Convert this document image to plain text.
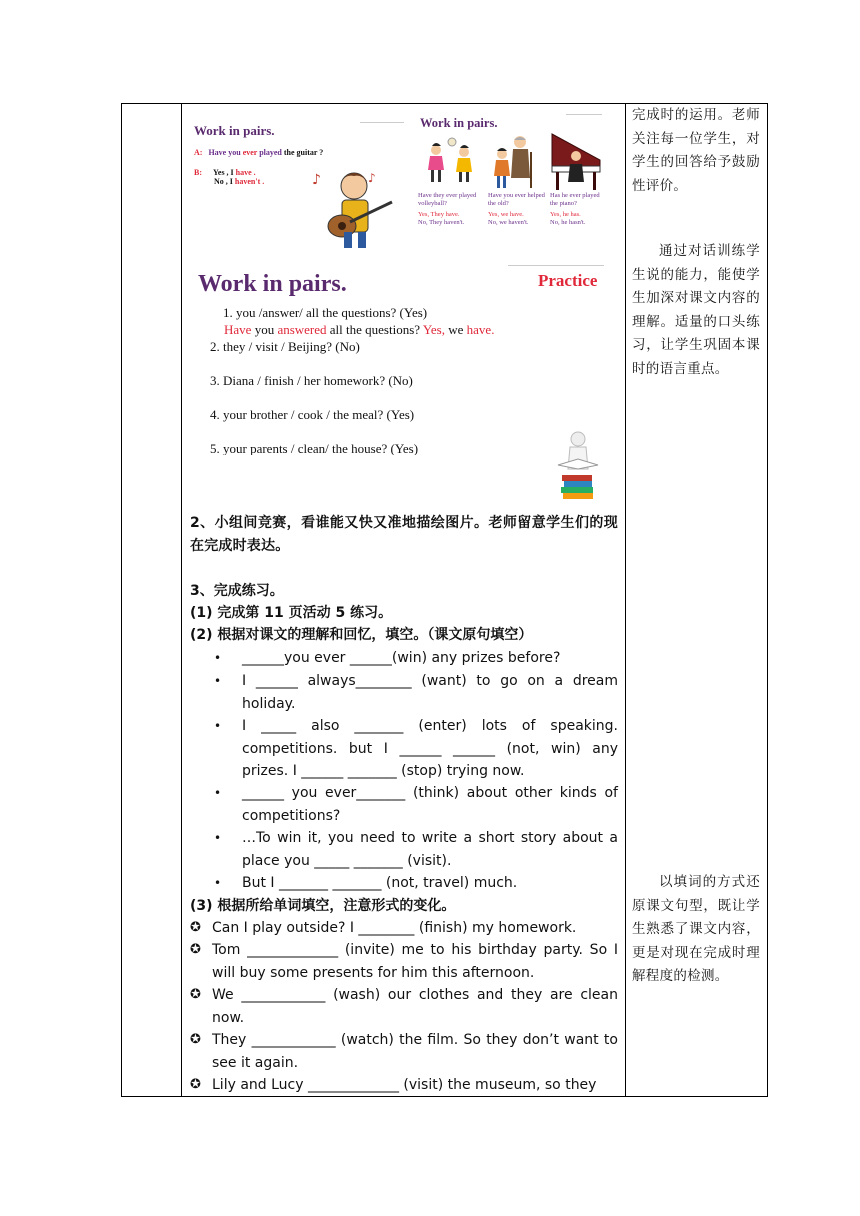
Work in pairs.
A: Have you ever played the guitar ?
B: Yes , I have .
No , I haven't .	♪	♪
Work in pairs.
Have they ever played volleyball?
Yes, They have.
No, They haven't.
Have you ever helped the old?
Yes, we have.
No, we haven't.
Has he ever played the piano?
Yes, he has.
No, he hasn't.
Work in pairs.	Practice
1. you /answer/ all the questions? (Yes)
Have you answered all the questions? Yes, we have.
2. they / visit / Beijing? (No)
3. Diana / finish / her homework? (No)
4. your brother / cook / the meal? (Yes)
5. your parents / clean/ the house? (Yes)
2、小组间竞赛，看谁能又快又准地描绘图片。老师留意学生们的现在完成时表达。
3、完成练习。
(1) 完成第 11 页活动 5 练习。
(2) 根据对课文的理解和回忆，填空。（课文原句填空）
• ______you ever ______(win) any prizes before?
• I ______ always________ (want) to go on a dream holiday.
• I _____ also _______ (enter) lots of speaking. competitions. but I ______ ______ (not, win) any prizes. I ______ _______ (stop) trying now.
• ______ you ever_______ (think) about other kinds of competitions?
• …To win it, you need to write a short story about a place you _____ _______ (visit).
• But I _______ _______ (not, travel) much.
(3) 根据所给单词填空，注意形式的变化。
✪ Can I play outside? I ________ (finish) my homework.
✪ Tom _____________ (invite) me to his birthday party. So I will buy some presents for him this afternoon.
✪ We ____________ (wash) our clothes and they are clean now.
✪ They ____________ (watch) the film. So they don’t want to see it again.
✪ Lily and Lucy _____________ (visit) the museum, so they
完成时的运用。老师关注每一位学生，对学生的回答给予鼓励性评价。
通过对话训练学生说的能力，能使学生加深对课文内容的理解。适量的口头练习，让学生巩固本课时的语言重点。
以填词的方式还原课文句型，既让学生熟悉了课文内容，更是对现在完成时理解程度的检测。
